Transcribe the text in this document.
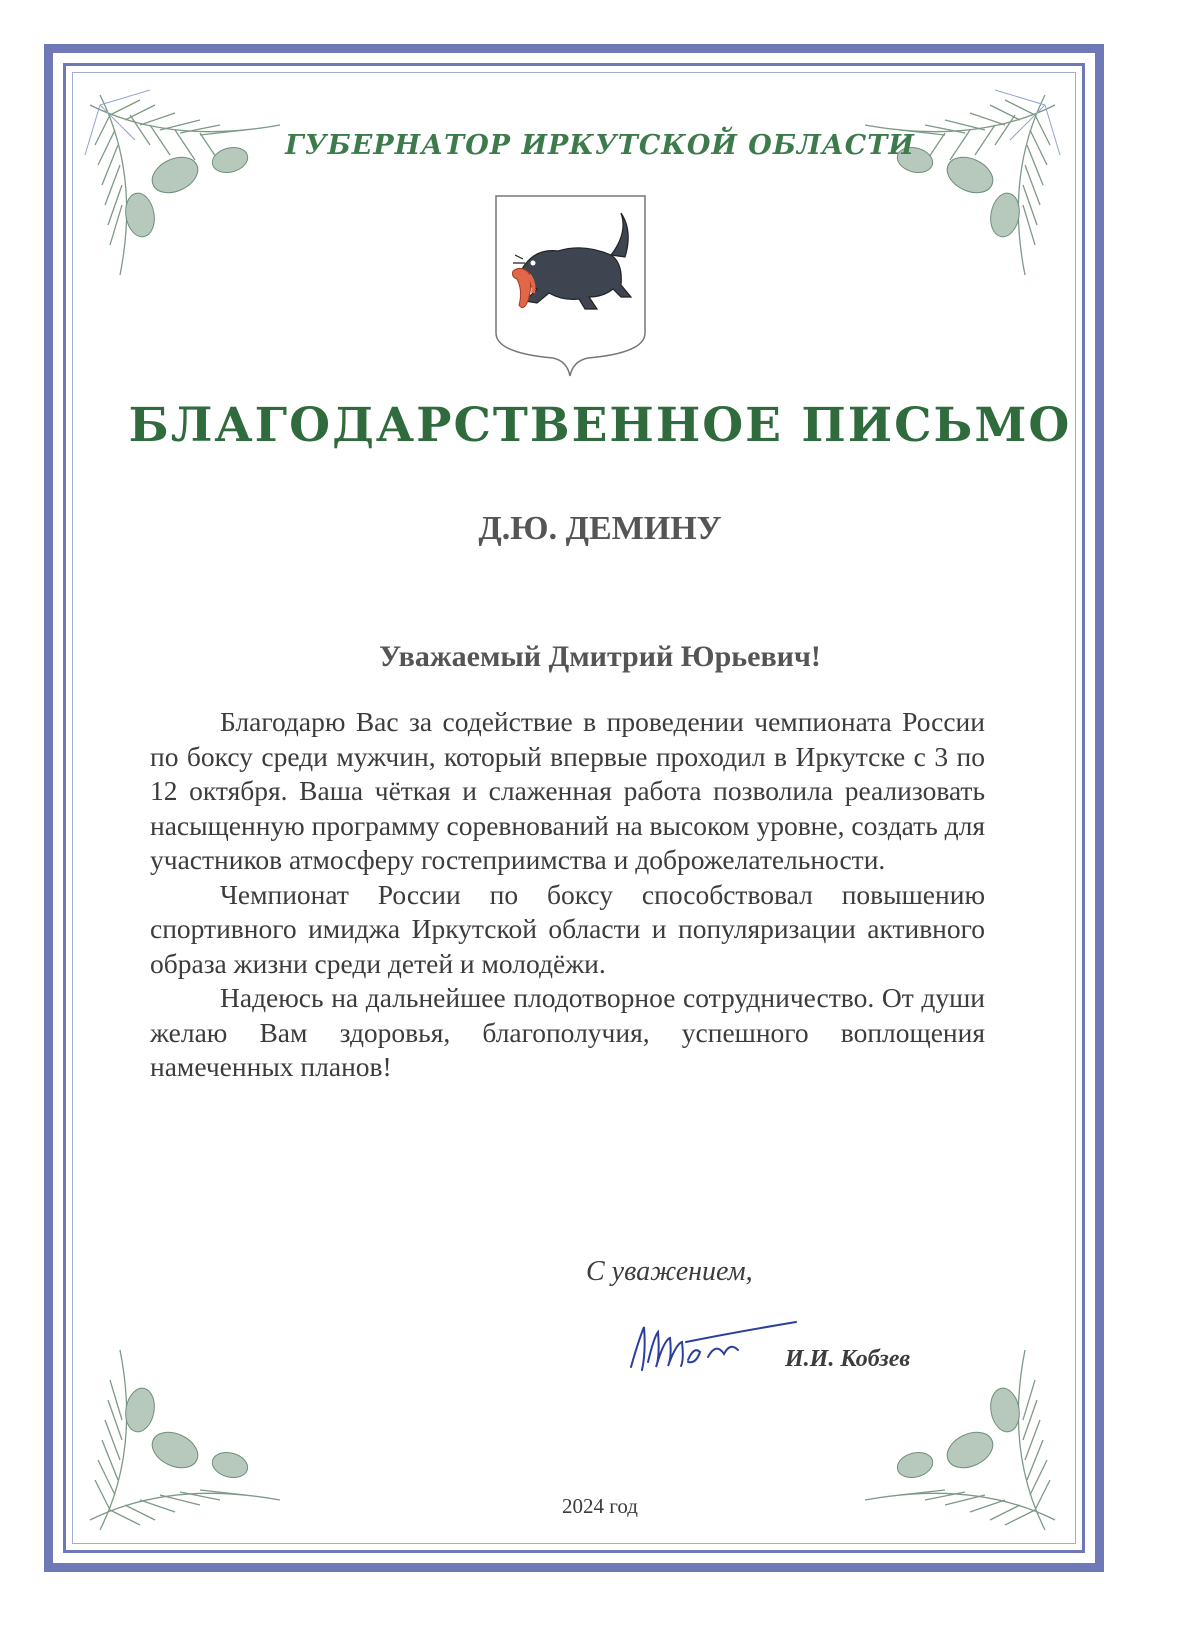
ГУБЕРНАТОР ИРКУТСКОЙ ОБЛАСТИ
БЛАГОДАРСТВЕННОЕ ПИСЬМО
Д.Ю. ДЕМИНУ
Уважаемый Дмитрий Юрьевич!

Благодарю Вас за содействие в проведении чемпионата России по боксу среди мужчин, который впервые проходил в Иркутске с 3 по 12 октября. Ваша чёткая и слаженная работа позволила реализовать насыщенную программу соревнований на высоком уровне, создать для участников атмосферу гостеприимства и доброжелательности.

Чемпионат России по боксу способствовал повышению спортивного имиджа Иркутской области и популяризации активного образа жизни среди детей и молодёжи.

Надеюсь на дальнейшее плодотворное сотрудничество. От души желаю Вам здоровья, благополучия, успешного воплощения намеченных планов!

С уважением,
И.И. Кобзев
2024 год
